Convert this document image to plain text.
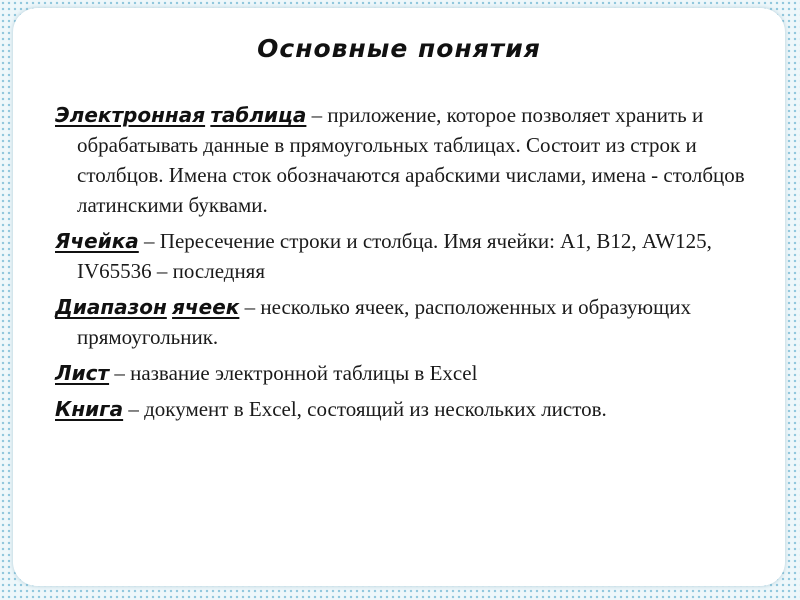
Основные понятия

Электронная таблица – приложение, которое позволяет хранить и обрабатывать данные в прямоугольных таблицах. Состоит из строк и столбцов. Имена сток обозначаются арабскими числами, имена - столбцов латинскими буквами.

Ячейка – Пересечение строки и столбца. Имя ячейки: А1, В12, AW125, IV65536 – последняя

Диапазон ячеек – несколько ячеек, расположенных и образующих прямоугольник.

Лист – название электронной таблицы в Excel

Книга – документ в Excel, состоящий из нескольких листов.
